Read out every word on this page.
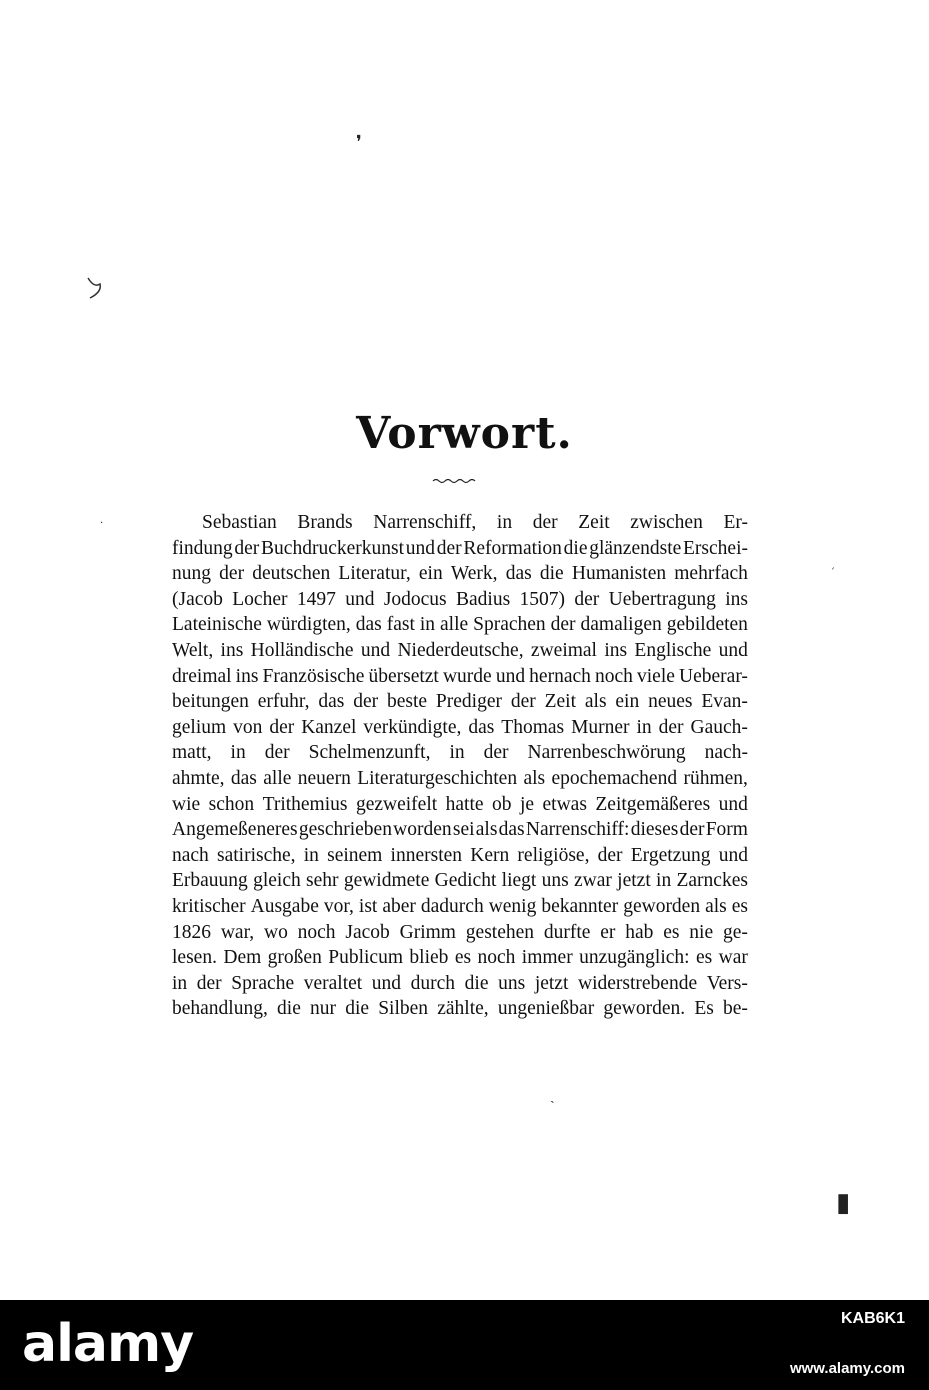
❜
·
ˊ
ˏ
▮
Vorwort.
Sebastian Brands Narrenschiff, in der Zeit zwischen Er-
findung der Buchdruckerkunst und der Reformation die glänzendste Erschei-
nung der deutschen Literatur, ein Werk, das die Humanisten mehrfach
(Jacob Locher 1497 und Jodocus Badius 1507) der Uebertragung ins
Lateinische würdigten, das fast in alle Sprachen der damaligen gebildeten
Welt, ins Holländische und Niederdeutsche, zweimal ins Englische und
dreimal ins Französische übersetzt wurde und hernach noch viele Ueberar-
beitungen erfuhr, das der beste Prediger der Zeit als ein neues Evan-
gelium von der Kanzel verkündigte, das Thomas Murner in der Gauch-
matt, in der Schelmenzunft, in der Narrenbeschwörung nach-
ahmte, das alle neuern Literaturgeschichten als epochemachend rühmen,
wie schon Trithemius gezweifelt hatte ob je etwas Zeitgemäßeres und
Angemeßeneres geschrieben worden sei als das Narrenschiff: dieses der Form
nach satirische, in seinem innersten Kern religiöse, der Ergetzung und
Erbauung gleich sehr gewidmete Gedicht liegt uns zwar jetzt in Zarnckes
kritischer Ausgabe vor, ist aber dadurch wenig bekannter geworden als es
1826 war, wo noch Jacob Grimm gestehen durfte er hab es nie ge-
lesen. Dem großen Publicum blieb es noch immer unzugänglich: es war
in der Sprache veraltet und durch die uns jetzt widerstrebende Vers-
behandlung, die nur die Silben zählte, ungenießbar geworden. Es be-
alamy	KAB6K1
www.alamy.com
